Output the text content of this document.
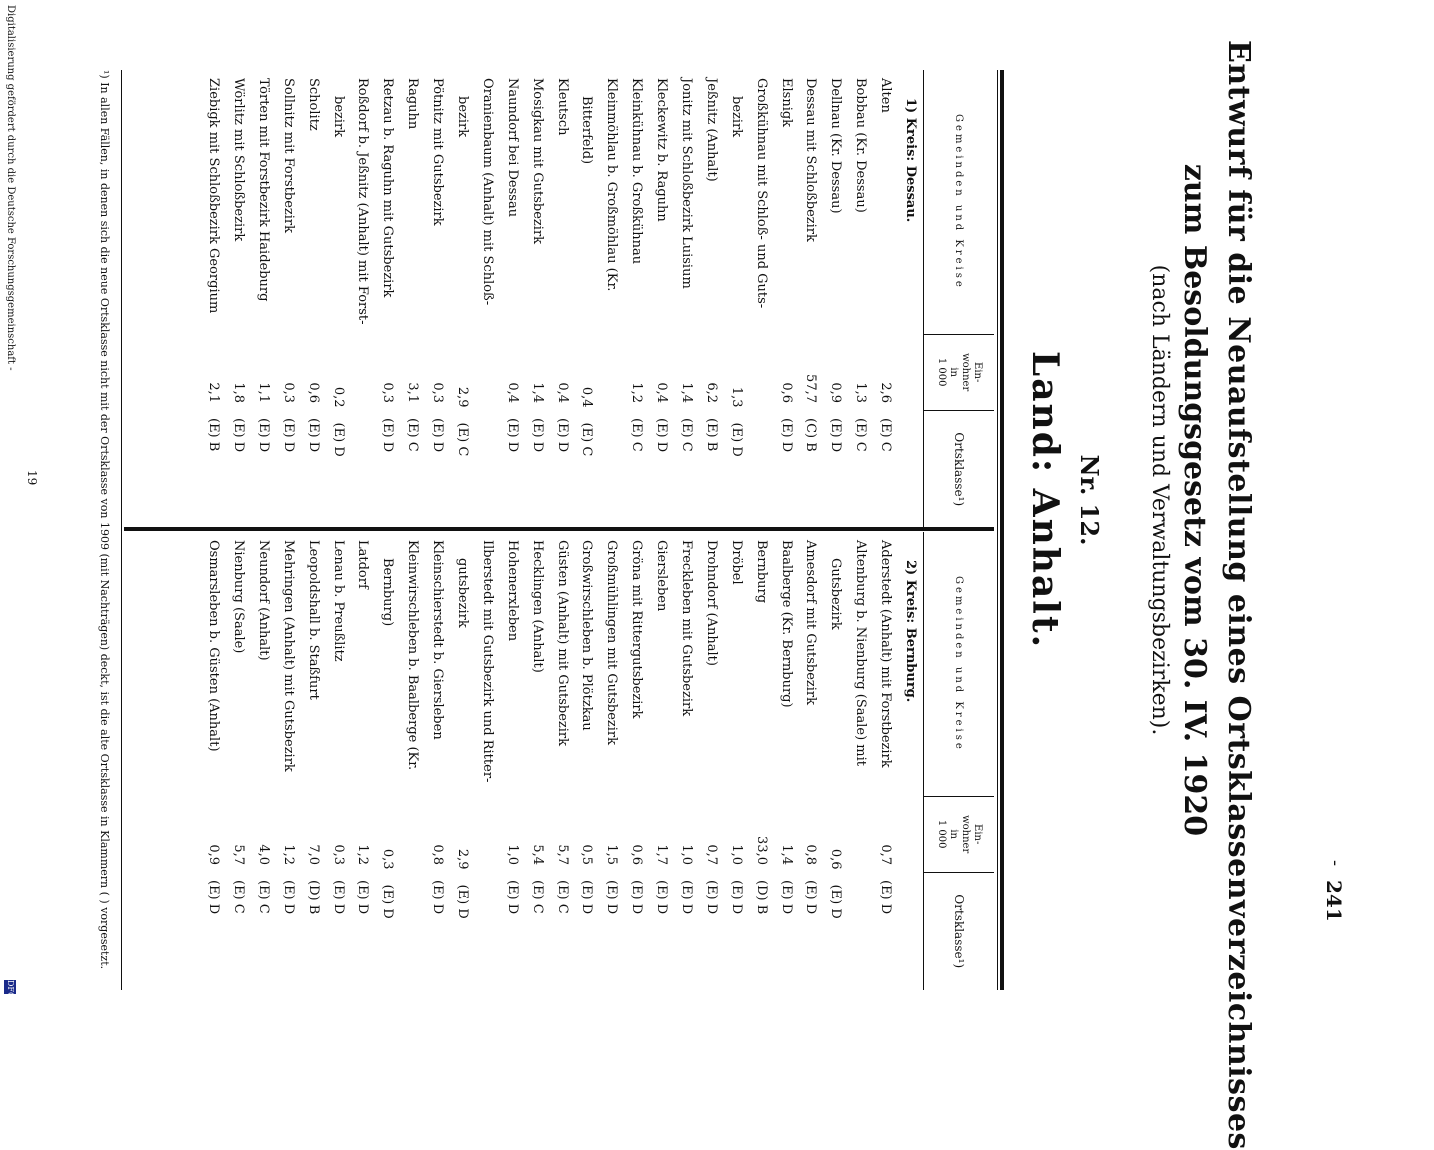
-
241
Entwurf für die Neuaufstellung eines Ortsklassenverzeichnisses
zum Besoldungsgesetz vom 30. IV. 1920
(nach Ländern und Verwaltungsbezirken).
Nr. 12.
Land: Anhalt.
Gemeinden und Kreise
Ein-
wohner
in
1 000
Ortsklasse¹)
1) Kreis: Dessau.
Alten
2,6
(E) C
Bobbau (Kr. Dessau)
1,3
(E) C
Dellnau (Kr. Dessau)
0,9
(E) D
Dessau mit Schloßbezirk
57,7
(C) B
Elsnigk
0,6
(E) D
Großkühnau mit Schloß- und Guts-
bezirk
1,3
(E) D
Jeßnitz (Anhalt)
6,2
(E) B
Jonitz mit Schloßbezirk Luisium
1,4
(E) C
Kleckewitz b. Raguhn
0,4
(E) D
Kleinkühnau b. Großkühnau
1,2
(E) C
Kleinmöhlau b. Großmöhlau (Kr.
Bitterfeld)
0,4
(E) C
Kleutsch
0,4
(E) D
Mosigkau mit Gutsbezirk
1,4
(E) D
Naundorf bei Dessau
0,4
(E) D
Oranienbaum (Anhalt) mit Schloß-
bezirk
2,9
(E) C
Pötnitz mit Gutsbezirk
0,3
(E) D
Raguhn
3,1
(E) C
Retzau b. Raguhn mit Gutsbezirk
0,3
(E) D
Roßdorf b. Jeßnitz (Anhalt) mit Forst-
bezirk
0,2
(E) D
Scholitz
0,6
(E) D
Sollnitz mit Forstbezirk
0,3
(E) D
Törten mit Forstbezirk Haideburg
1,1
(E) D
Wörlitz mit Schloßbezirk
1,8
(E) D
Ziebigk mit Schloßbezirk Georgium
2,1
(E) B
Gemeinden und Kreise
Ein-
wohner
in
1 000
Ortsklasse¹)
2) Kreis: Bernburg.
Aderstedt (Anhalt) mit Forstbezirk
0,7
(E) D
Altenburg b. Nienburg (Saale) mit
Gutsbezirk
0,6
(E) D
Amesdorf mit Gutsbezirk
0,8
(E) D
Baalberge (Kr. Bernburg)
1,4
(E) D
Bernburg
33,0
(D) B
Dröbel
1,0
(E) D
Drohndorf (Anhalt)
0,7
(E) D
Freckleben mit Gutsbezirk
1,0
(E) D
Giersleben
1,7
(E) D
Gröna mit Rittergutsbezirk
0,6
(E) D
Großmühlingen mit Gutsbezirk
1,5
(E) D
Großwirschleben b. Plötzkau
0,5
(E) D
Güsten (Anhalt) mit Gutsbezirk
5,7
(E) C
Hecklingen (Anhalt)
5,4
(E) C
Hohenerxleben
1,0
(E) D
Ilberstedt mit Gutsbezirk und Ritter-
gutsbezirk
2,9
(E) D
Kleinschierstedt b. Giersleben
0,8
(E) D
Kleinwirschleben b. Baalberge (Kr.
Bernburg)
0,3
(E) D
Latdorf
1,2
(E) D
Lenau b. Preußlitz
0,3
(E) D
Leopoldshall b. Staßfurt
7,0
(D) B
Mehringen (Anhalt) mit Gutsbezirk
1,2
(E) D
Neundorf (Anhalt)
4,0
(E) C
Nienburg (Saale)
5,7
(E) C
Osmarsleben b. Güsten (Anhalt)
0,9
(E) D
¹) In allen Fällen, in denen sich die neue Ortsklasse nicht mit der Ortsklasse von 1909 (mit Nachträgen) deckt, ist die alte Ortsklasse in Klammern ( ) vorgesetzt.
19
Digitalisierung gefördert durch die Deutsche Forschungsgemeinschaft -
DFG
